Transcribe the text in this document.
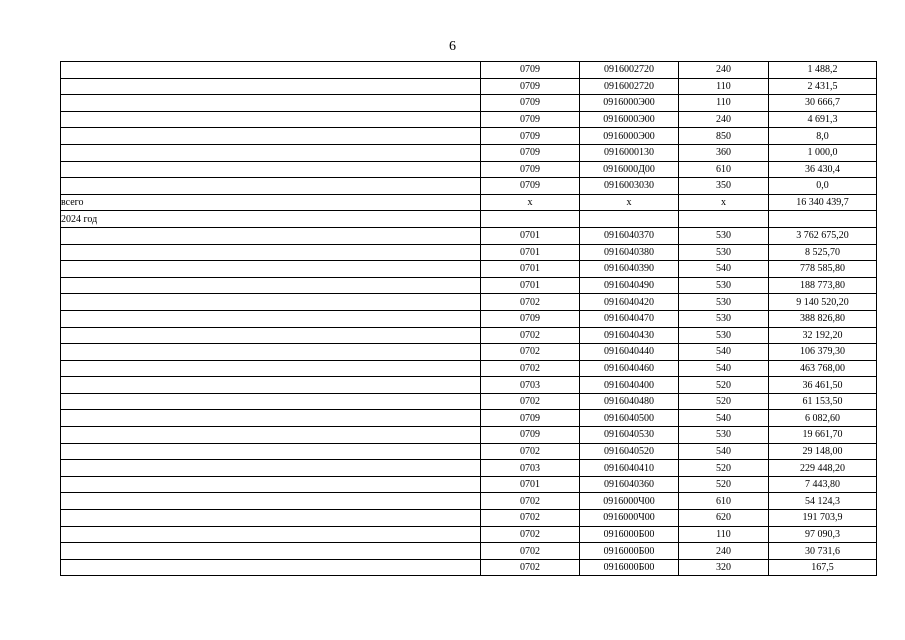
6
	0709	0916002720	240	1 488,2
	0709	0916002720	110	2 431,5
	0709	0916000Э00	110	30 666,7
	0709	0916000Э00	240	4 691,3
	0709	0916000Э00	850	8,0
	0709	0916000130	360	1 000,0
	0709	0916000Д00	610	36 430,4
	0709	0916003030	350	0,0
всего	х	х	х	16 340 439,7
2024 год				
	0701	0916040370	530	3 762 675,20
	0701	0916040380	530	8 525,70
	0701	0916040390	540	778 585,80
	0701	0916040490	530	188 773,80
	0702	0916040420	530	9 140 520,20
	0709	0916040470	530	388 826,80
	0702	0916040430	530	32 192,20
	0702	0916040440	540	106 379,30
	0702	0916040460	540	463 768,00
	0703	0916040400	520	36 461,50
	0702	0916040480	520	61 153,50
	0709	0916040500	540	6 082,60
	0709	0916040530	530	19 661,70
	0702	0916040520	540	29 148,00
	0703	0916040410	520	229 448,20
	0701	0916040360	520	7 443,80
	0702	0916000Ч00	610	54 124,3
	0702	0916000Ч00	620	191 703,9
	0702	0916000Б00	110	97 090,3
	0702	0916000Б00	240	30 731,6
	0702	0916000Б00	320	167,5
